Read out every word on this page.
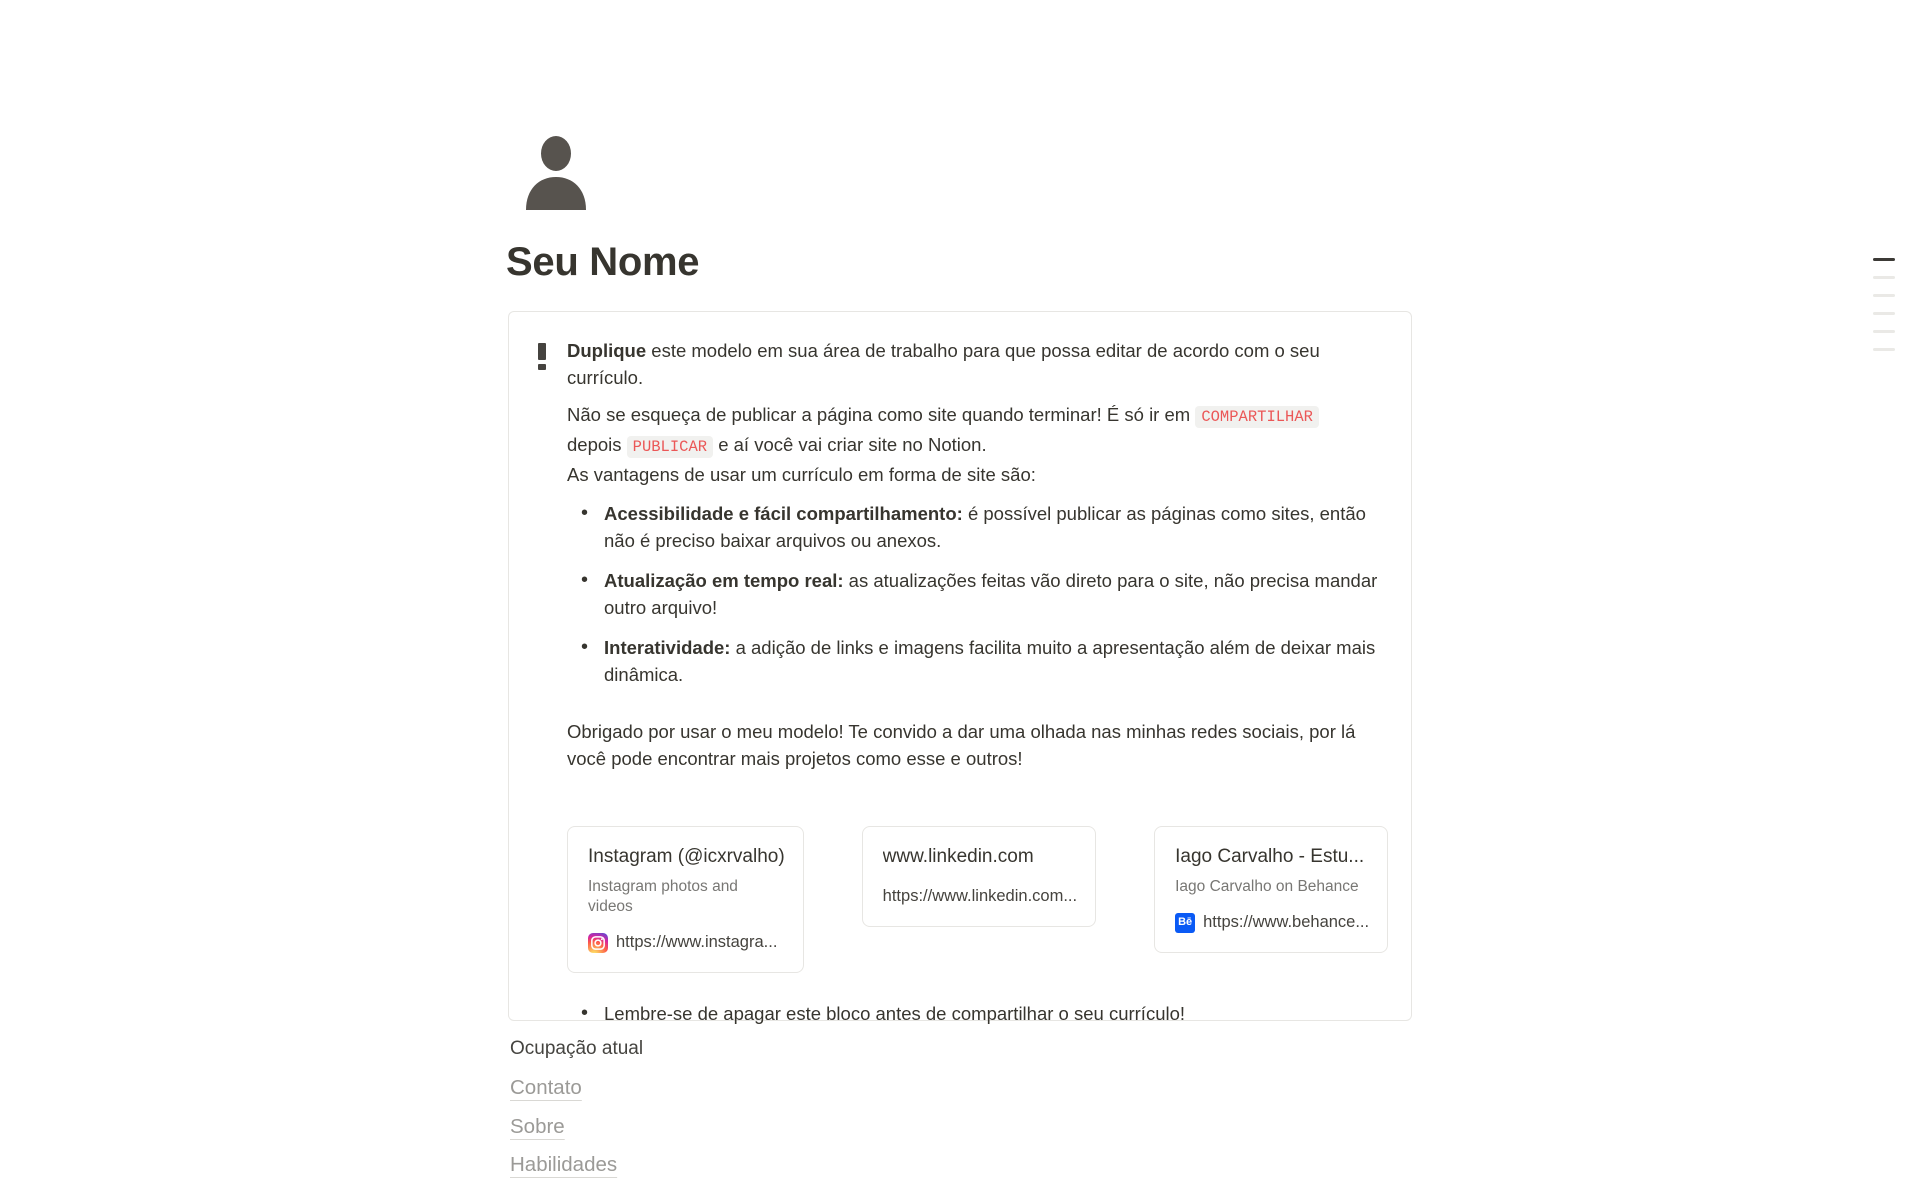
Seu Nome

Duplique este modelo em sua área de trabalho para que possa editar de acordo com o seu currículo.

Não se esqueça de publicar a página como site quando terminar! É só ir em COMPARTILHAR
depois PUBLICAR e aí você vai criar site no Notion.
As vantagens de usar um currículo em forma de site são:

• Acessibilidade e fácil compartilhamento: é possível publicar as páginas como sites, então não é preciso baixar arquivos ou anexos.
• Atualização em tempo real: as atualizações feitas vão direto para o site, não precisa mandar outro arquivo!
• Interatividade: a adição de links e imagens facilita muito a apresentação além de deixar mais dinâmica.

Obrigado por usar o meu modelo! Te convido a dar uma olhada nas minhas redes sociais, por lá você pode encontrar mais projetos como esse e outros!

Instagram (@icxrvalho)
Instagram photos and videos
https://www.instagra...
www.linkedin.com
https://www.linkedin.com...
Iago Carvalho - Estu...
Iago Carvalho on Behance
Bē https://www.behance...
• Lembre-se de apagar este bloco antes de compartilhar o seu currículo!
Ocupação atual
Contato
Sobre
Habilidades
